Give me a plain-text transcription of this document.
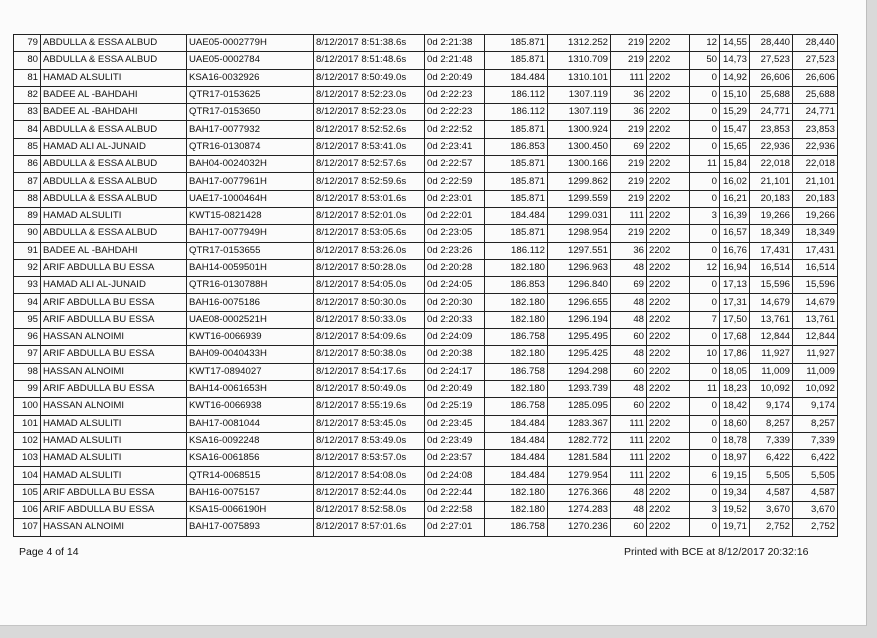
79	ABDULLA & ESSA ALBUD	UAE05-0002779H	8/12/2017 8:51:38.6s	0d 2:21:38	185.871	1312.252	219	2202	12	14,55	28,440	28,440
80	ABDULLA & ESSA ALBUD	UAE05-0002784	8/12/2017 8:51:48.6s	0d 2:21:48	185.871	1310.709	219	2202	50	14,73	27,523	27,523
81	HAMAD ALSULITI	KSA16-0032926	8/12/2017 8:50:49.0s	0d 2:20:49	184.484	1310.101	111	2202	0	14,92	26,606	26,606
82	BADEE AL -BAHDAHI	QTR17-0153625	8/12/2017 8:52:23.0s	0d 2:22:23	186.112	1307.119	36	2202	0	15,10	25,688	25,688
83	BADEE AL -BAHDAHI	QTR17-0153650	8/12/2017 8:52:23.0s	0d 2:22:23	186.112	1307.119	36	2202	0	15,29	24,771	24,771
84	ABDULLA & ESSA ALBUD	BAH17-0077932	8/12/2017 8:52:52.6s	0d 2:22:52	185.871	1300.924	219	2202	0	15,47	23,853	23,853
85	HAMAD ALI AL-JUNAID	QTR16-0130874	8/12/2017 8:53:41.0s	0d 2:23:41	186.853	1300.450	69	2202	0	15,65	22,936	22,936
86	ABDULLA & ESSA ALBUD	BAH04-0024032H	8/12/2017 8:52:57.6s	0d 2:22:57	185.871	1300.166	219	2202	11	15,84	22,018	22,018
87	ABDULLA & ESSA ALBUD	BAH17-0077961H	8/12/2017 8:52:59.6s	0d 2:22:59	185.871	1299.862	219	2202	0	16,02	21,101	21,101
88	ABDULLA & ESSA ALBUD	UAE17-1000464H	8/12/2017 8:53:01.6s	0d 2:23:01	185.871	1299.559	219	2202	0	16,21	20,183	20,183
89	HAMAD ALSULITI	KWT15-0821428	8/12/2017 8:52:01.0s	0d 2:22:01	184.484	1299.031	111	2202	3	16,39	19,266	19,266
90	ABDULLA & ESSA ALBUD	BAH17-0077949H	8/12/2017 8:53:05.6s	0d 2:23:05	185.871	1298.954	219	2202	0	16,57	18,349	18,349
91	BADEE AL -BAHDAHI	QTR17-0153655	8/12/2017 8:53:26.0s	0d 2:23:26	186.112	1297.551	36	2202	0	16,76	17,431	17,431
92	ARIF ABDULLA BU ESSA	BAH14-0059501H	8/12/2017 8:50:28.0s	0d 2:20:28	182.180	1296.963	48	2202	12	16,94	16,514	16,514
93	HAMAD ALI AL-JUNAID	QTR16-0130788H	8/12/2017 8:54:05.0s	0d 2:24:05	186.853	1296.840	69	2202	0	17,13	15,596	15,596
94	ARIF ABDULLA BU ESSA	BAH16-0075186	8/12/2017 8:50:30.0s	0d 2:20:30	182.180	1296.655	48	2202	0	17,31	14,679	14,679
95	ARIF ABDULLA BU ESSA	UAE08-0002521H	8/12/2017 8:50:33.0s	0d 2:20:33	182.180	1296.194	48	2202	7	17,50	13,761	13,761
96	HASSAN ALNOIMI	KWT16-0066939	8/12/2017 8:54:09.6s	0d 2:24:09	186.758	1295.495	60	2202	0	17,68	12,844	12,844
97	ARIF ABDULLA BU ESSA	BAH09-0040433H	8/12/2017 8:50:38.0s	0d 2:20:38	182.180	1295.425	48	2202	10	17,86	11,927	11,927
98	HASSAN ALNOIMI	KWT17-0894027	8/12/2017 8:54:17.6s	0d 2:24:17	186.758	1294.298	60	2202	0	18,05	11,009	11,009
99	ARIF ABDULLA BU ESSA	BAH14-0061653H	8/12/2017 8:50:49.0s	0d 2:20:49	182.180	1293.739	48	2202	11	18,23	10,092	10,092
100	HASSAN ALNOIMI	KWT16-0066938	8/12/2017 8:55:19.6s	0d 2:25:19	186.758	1285.095	60	2202	0	18,42	9,174	9,174
101	HAMAD ALSULITI	BAH17-0081044	8/12/2017 8:53:45.0s	0d 2:23:45	184.484	1283.367	111	2202	0	18,60	8,257	8,257
102	HAMAD ALSULITI	KSA16-0092248	8/12/2017 8:53:49.0s	0d 2:23:49	184.484	1282.772	111	2202	0	18,78	7,339	7,339
103	HAMAD ALSULITI	KSA16-0061856	8/12/2017 8:53:57.0s	0d 2:23:57	184.484	1281.584	111	2202	0	18,97	6,422	6,422
104	HAMAD ALSULITI	QTR14-0068515	8/12/2017 8:54:08.0s	0d 2:24:08	184.484	1279.954	111	2202	6	19,15	5,505	5,505
105	ARIF ABDULLA BU ESSA	BAH16-0075157	8/12/2017 8:52:44.0s	0d 2:22:44	182.180	1276.366	48	2202	0	19,34	4,587	4,587
106	ARIF ABDULLA BU ESSA	KSA15-0066190H	8/12/2017 8:52:58.0s	0d 2:22:58	182.180	1274.283	48	2202	3	19,52	3,670	3,670
107	HASSAN ALNOIMI	BAH17-0075893	8/12/2017 8:57:01.6s	0d 2:27:01	186.758	1270.236	60	2202	0	19,71	2,752	2,752
Page 4 of 14	Printed with BCE at 8/12/2017 20:32:16
